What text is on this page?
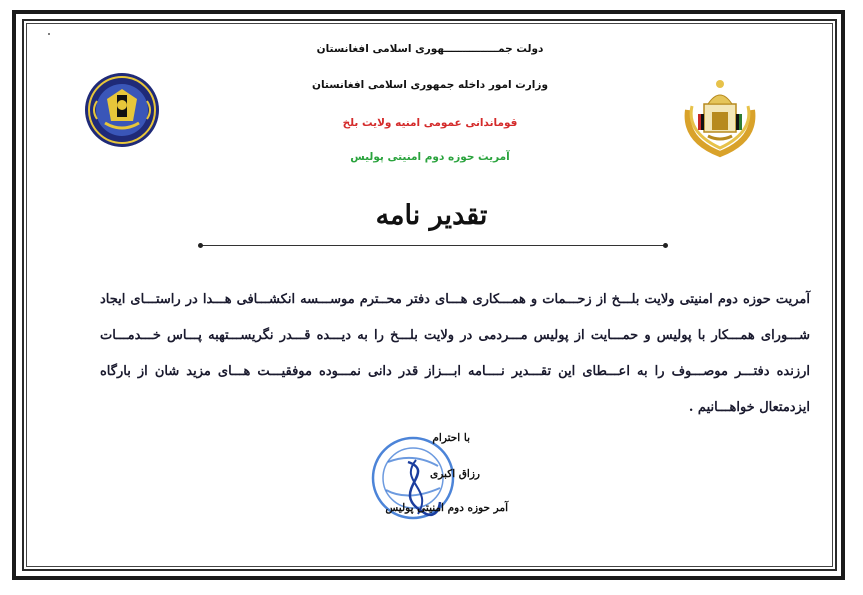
دولت جمـــــــــــــــهوری اسلامی افغانستان

وزارت امور داخله جمهوری اسلامی افغانستان

قوماندانی عمومی امنیه ولایت بلخ

آمریت حوزه دوم امنیتی پولیس

تقدیر نامه
آمریت حوزه دوم امنیتی ولایت بلـــخ از زحـــمات و همـــکاری هـــای دفتر محــترم موســـسه انکشـــافی هـــدا در راستـــای ایجاد شـــورای همـــکار با پولیس و حمـــایت از پولیس مـــردمی در ولایت بلـــخ را به دیـــده قـــدر نگریســـتهبه پـــاس خـــدمـــات ارزنده دفتـــر موصـــوف را به اعـــطای این تقـــدیر نــــامه ابـــزاز قدر دانی نمـــوده موفقیـــت هـــای مزید شان از بارگاه ایزدمتعال خواهـــانیم .
با احترام
رزاق اکبری
آمر حوزه دوم امنیتی پولیس
